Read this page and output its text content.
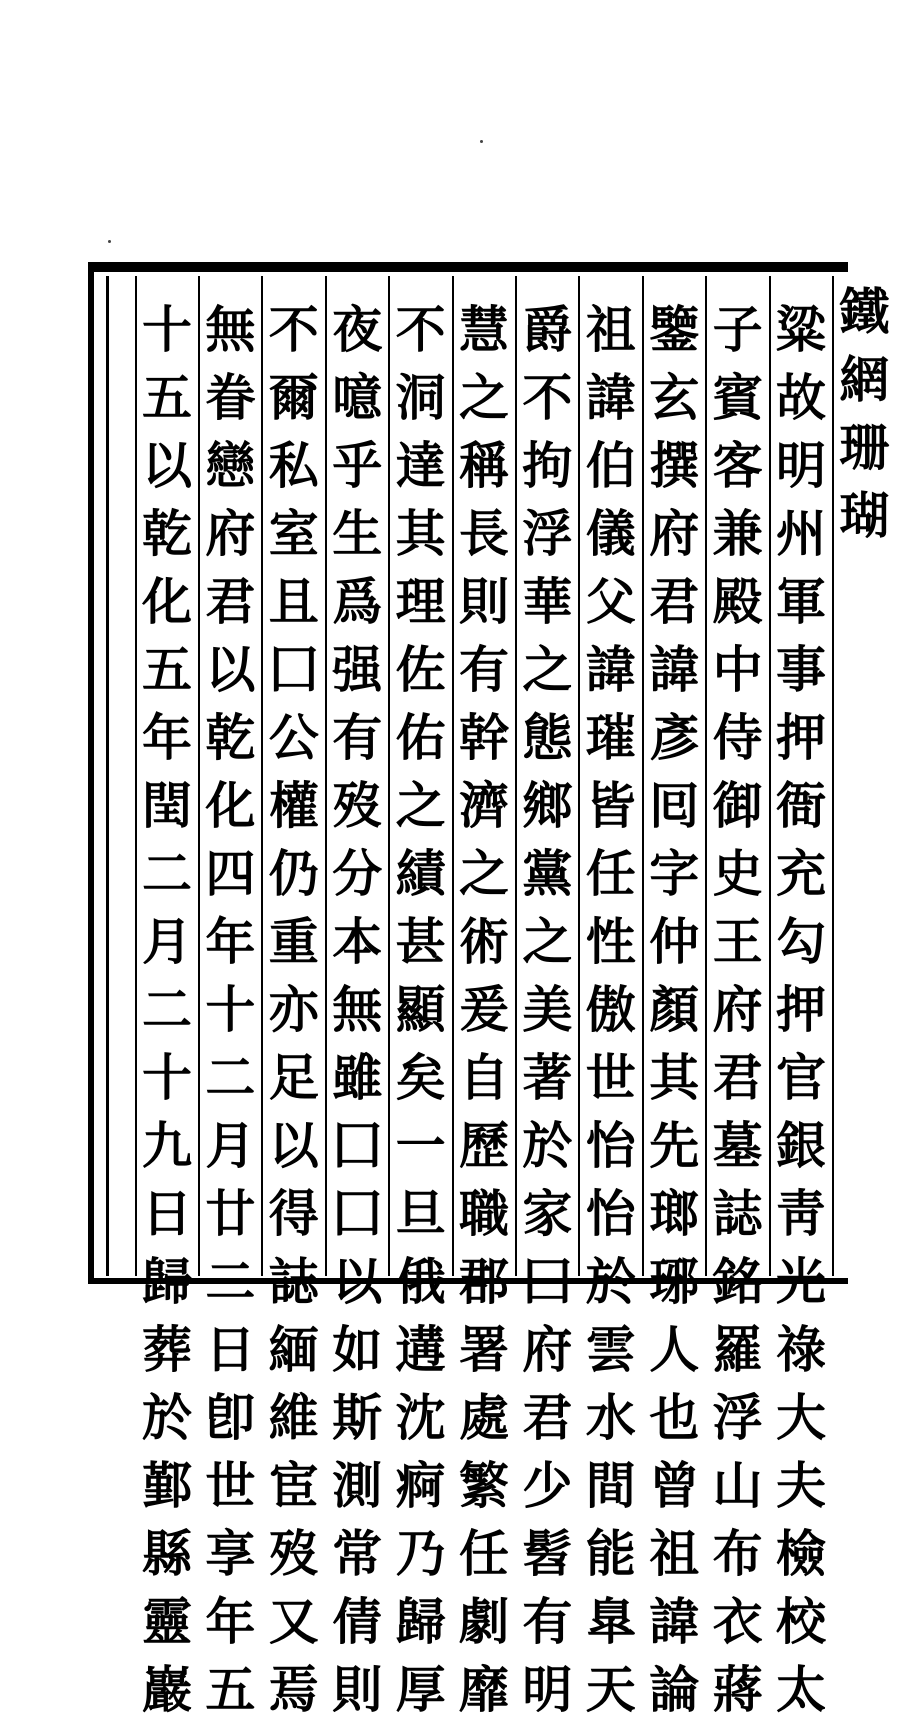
鐵
網
珊
瑚
粱
故
明
州
軍
事
押
衙
充
勾
押
官
銀
靑
光
祿
大
夫
檢
校
太
子
賓
客
兼
殿
中
侍
御
史
王
府
君
墓
誌
銘
羅
浮
山
布
衣
蔣
鑒
玄
撰
府
君
諱
彥
囘
字
仲
顏
其
先
瑯
琊
人
也
曾
祖
諱
論
祖
諱
伯
儀
父
諱
璀
皆
任
性
傲
世
怡
怡
於
雲
水
間
能
臯
天
爵
不
拘
浮
華
之
態
鄉
黨
之
美
著
於
家
囗
府
君
少
髫
有
明
慧
之
稱
長
則
有
幹
濟
之
術
爰
自
歷
職
郡
署
處
繁
任
劇
靡
不
洞
達
其
理
佐
佑
之
績
甚
顯
矣
一
旦
俄
遘
沈
痾
乃
歸
厚
夜
噫
乎
生
爲
强
有
歿
分
本
無
雖
囗
囗
以
如
斯
測
常
倩
則
不
爾
私
室
且
囗
公
權
仍
重
亦
足
以
得
誌
緬
維
宦
歿
又
焉
無
眷
戀
府
君
以
乾
化
四
年
十
二
月
廿
二
日
卽
世
享
年
五
十
五
以
乾
化
五
年
閏
二
月
二
十
九
日
歸
葬
於
鄞
縣
靈
巖
